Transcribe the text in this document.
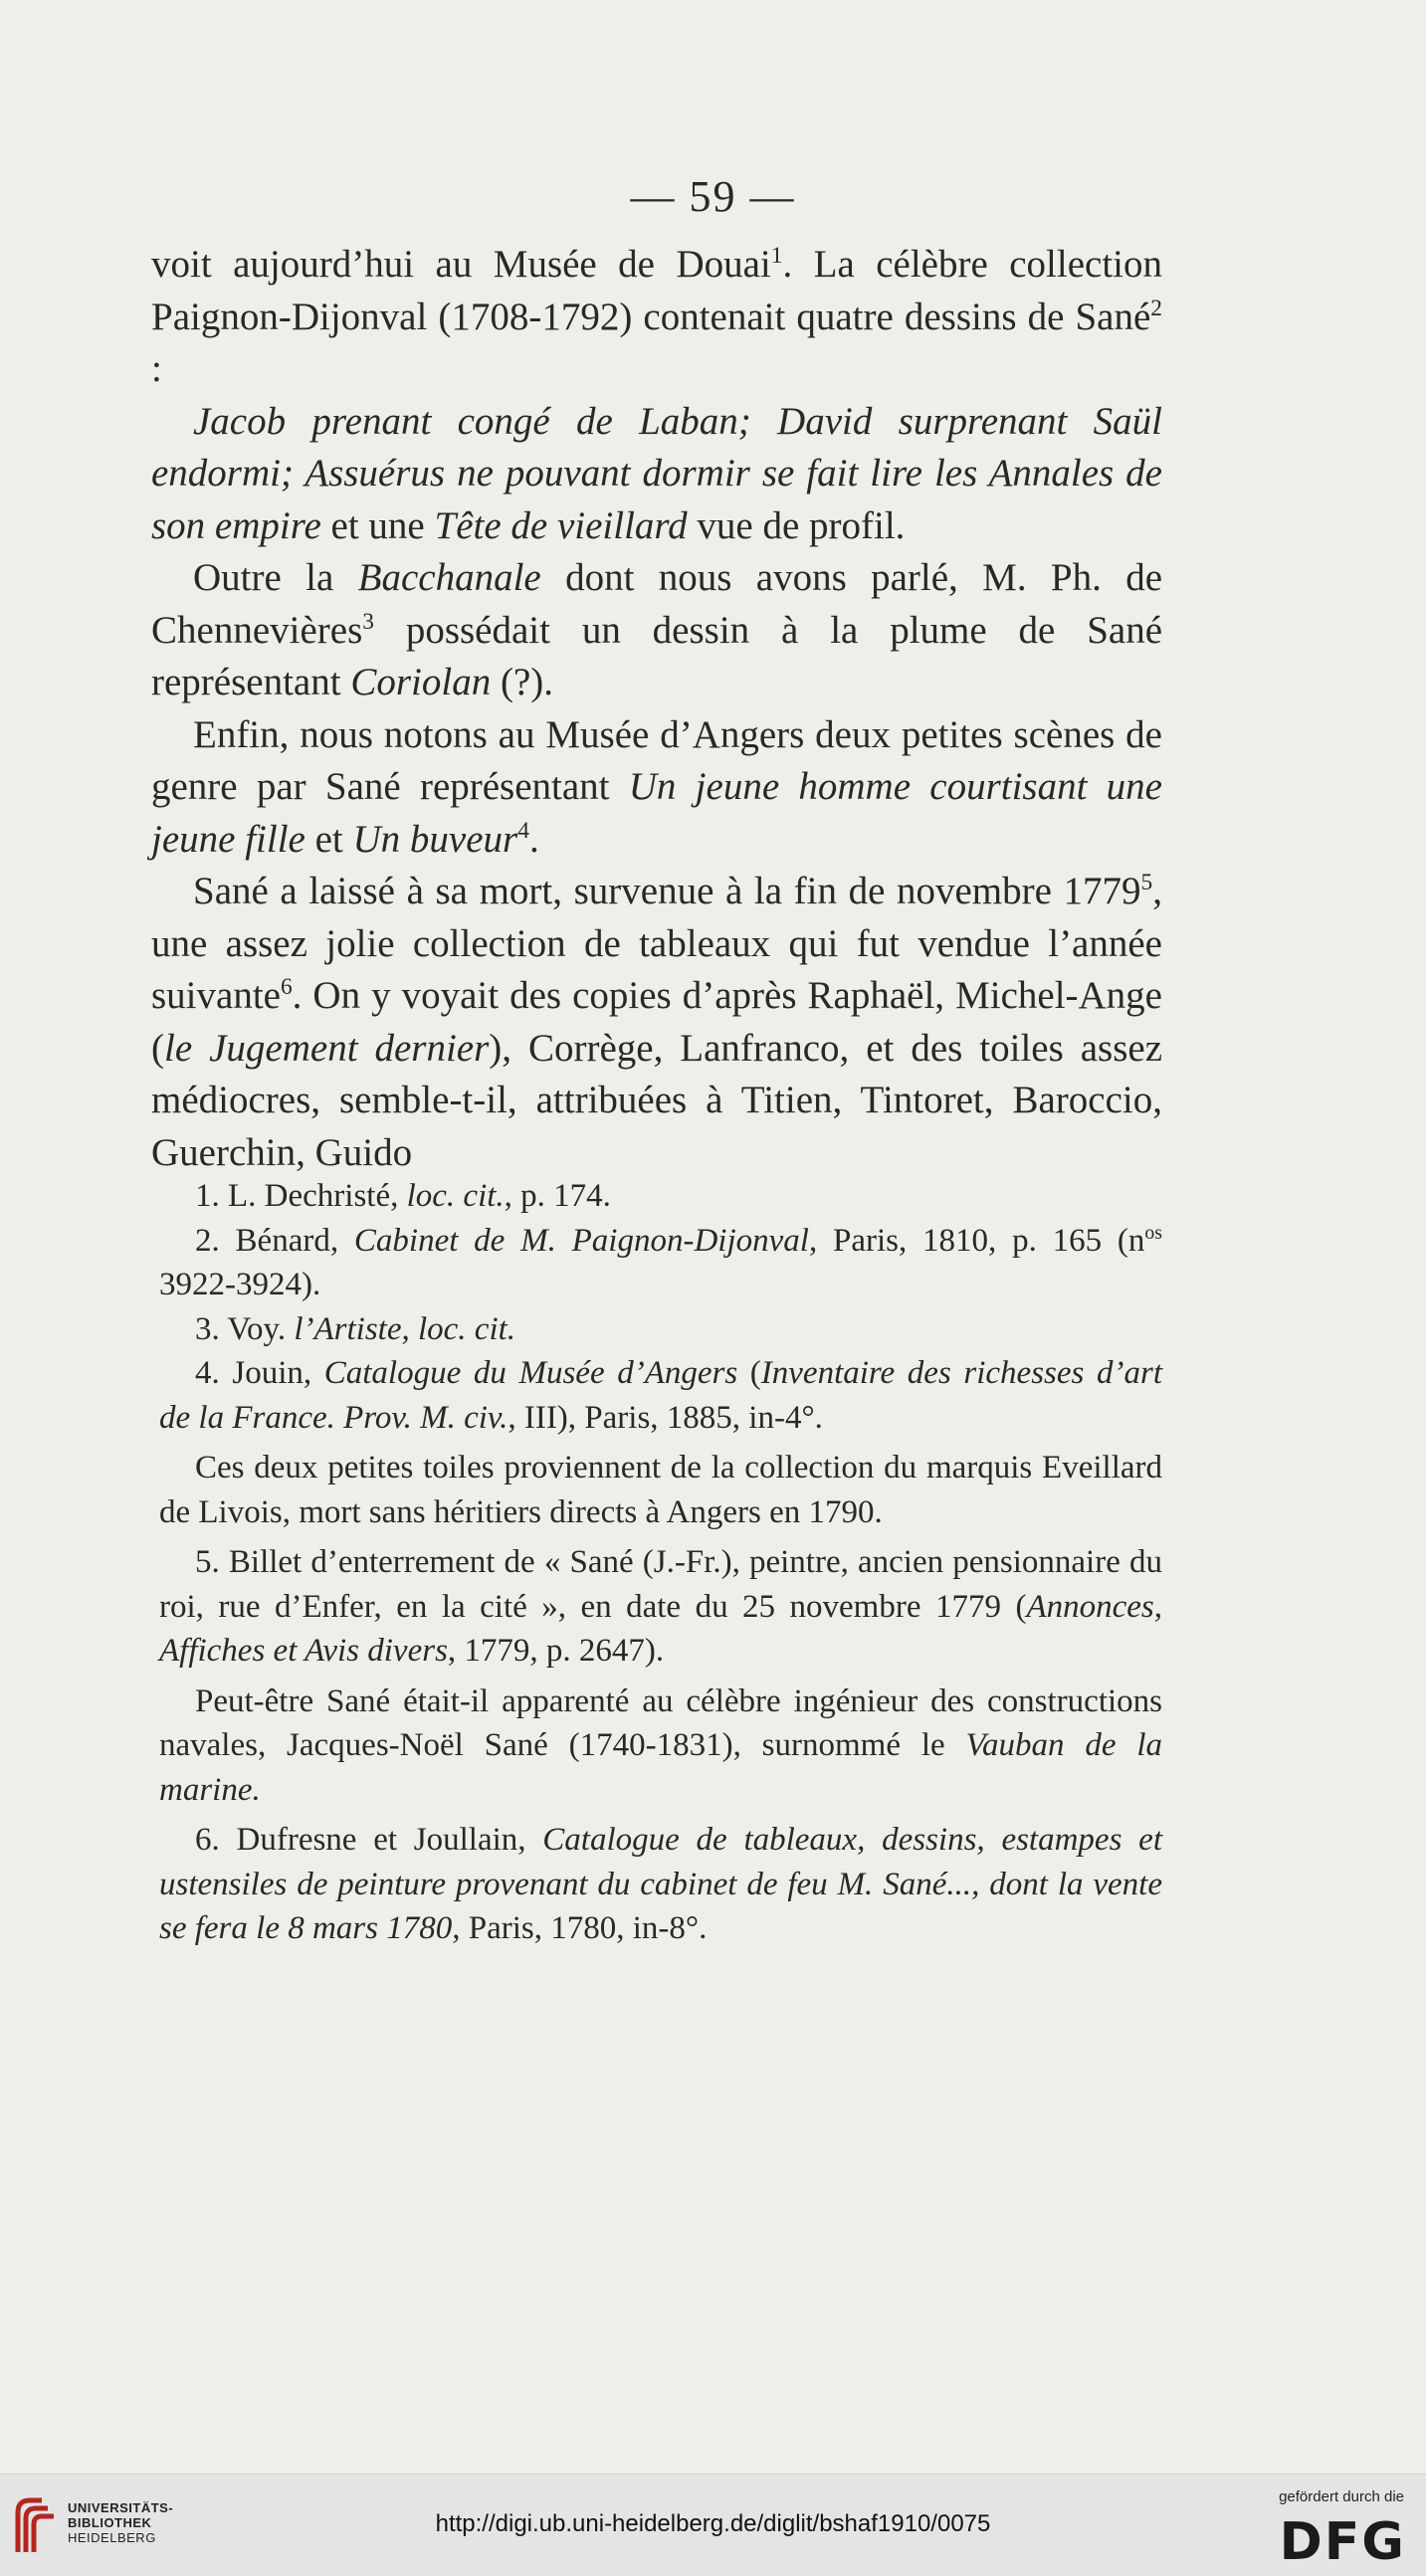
— 59 —

voit aujourd’hui au Musée de Douai$^1$. La célèbre collection Paignon-Dijonval (1708-1792) contenait quatre dessins de Sané$^2$ :

Jacob prenant congé de Laban; David surprenant Saül endormi; Assuérus ne pouvant dormir se fait lire les Annales de son empire et une Tête de vieillard vue de profil.

Outre la Bacchanale dont nous avons parlé, M. Ph. de Chennevières$^3$ possédait un dessin à la plume de Sané représentant Coriolan (?).

Enfin, nous notons au Musée d’Angers deux petites scènes de genre par Sané représentant Un jeune homme courtisant une jeune fille et Un buveur$^4$.

Sané a laissé à sa mort, survenue à la fin de novembre 1779$^5$, une assez jolie collection de tableaux qui fut vendue l’année suivante$^6$. On y voyait des copies d’après Raphaël, Michel-Ange (le Jugement dernier), Corrège, Lanfranco, et des toiles assez médiocres, semble-t-il, attribuées à Titien, Tintoret, Baroccio, Guerchin, Guido

1. L. Dechristé, loc. cit., p. 174.

2. Bénard, Cabinet de M. Paignon-Dijonval, Paris, 1810, p. 165 ($n^{os}$ 3922-3924).

3. Voy. l’Artiste, loc. cit.

4. Jouin, Catalogue du Musée d’Angers (Inventaire des richesses d’art de la France. Prov. M. civ., III), Paris, 1885, in-4°.

Ces deux petites toiles proviennent de la collection du marquis Eveillard de Livois, mort sans héritiers directs à Angers en 1790.

5. Billet d’enterrement de « Sané (J.-Fr.), peintre, ancien pensionnaire du roi, rue d’Enfer, en la cité », en date du 25 novembre 1779 (Annonces, Affiches et Avis divers, 1779, p. 2647).

Peut-être Sané était-il apparenté au célèbre ingénieur des constructions navales, Jacques-Noël Sané (1740-1831), surnommé le Vauban de la marine.

6. Dufresne et Joullain, Catalogue de tableaux, dessins, estampes et ustensiles de peinture provenant du cabinet de feu M. Sané..., dont la vente se fera le 8 mars 1780, Paris, 1780, in-8°.

UNIVERSITÄTS-
BIBLIOTHEK
HEIDELBERG
http://digi.ub.uni-heidelberg.de/diglit/bshaf1910/0075
gefördert durch die
DFG
